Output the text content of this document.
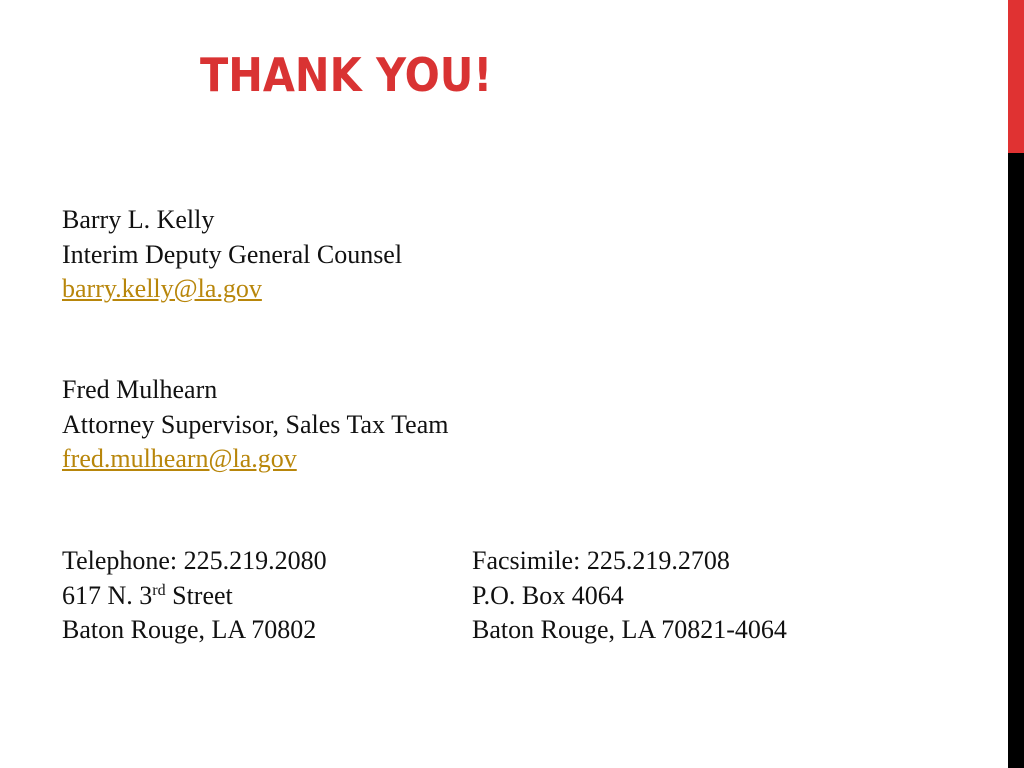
THANK YOU!
Barry L. Kelly
Interim Deputy General Counsel
barry.kelly@la.gov
Fred Mulhearn
Attorney Supervisor, Sales Tax Team
fred.mulhearn@la.gov
Telephone: 225.219.2080
617 N. 3rd Street
Baton Rouge, LA 70802
Facsimile: 225.219.2708
P.O. Box 4064
Baton Rouge, LA 70821-4064
